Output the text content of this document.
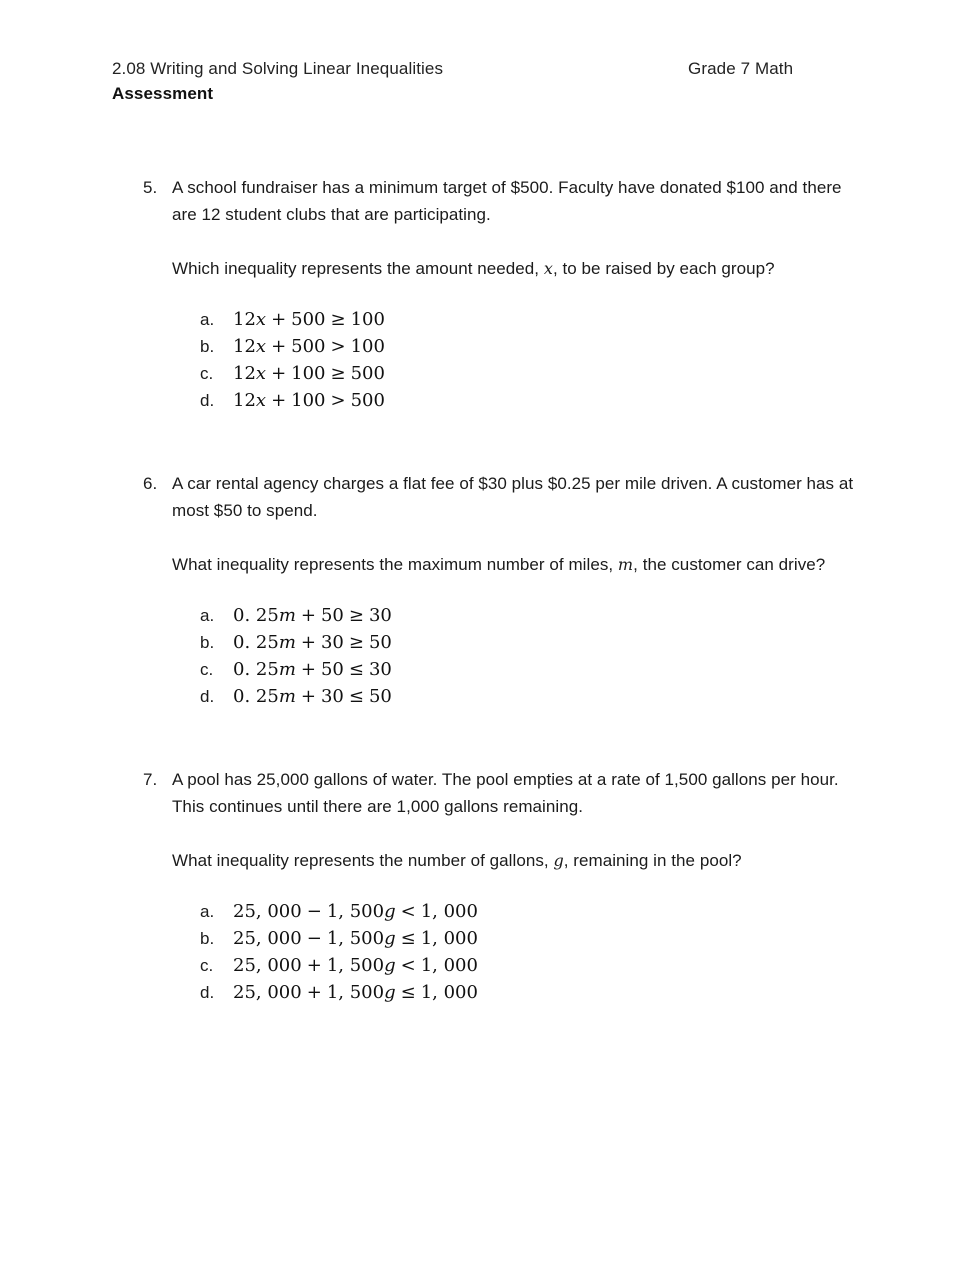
2.08 Writing and Solving Linear Inequalities	Grade 7 Math
Assessment
5. A school fundraiser has a minimum target of $500. Faculty have donated $100 and there are 12 student clubs that are participating.

Which inequality represents the amount needed, x, to be raised by each group?

a.	12x + 500 ≥ 100
b.	12x + 500 > 100
c.	12x + 100 ≥ 500
d.	12x + 100 > 500
6. A car rental agency charges a flat fee of $30 plus $0.25 per mile driven. A customer has at most $50 to spend.

What inequality represents the maximum number of miles, m, the customer can drive?

a.	0. 25m + 50 ≥ 30
b.	0. 25m + 30 ≥ 50
c.	0. 25m + 50 ≤ 30
d.	0. 25m + 30 ≤ 50
7. A pool has 25,000 gallons of water. The pool empties at a rate of 1,500 gallons per hour. This continues until there are 1,000 gallons remaining.

What inequality represents the number of gallons, g, remaining in the pool?

a.	25, 000 − 1, 500g < 1, 000
b.	25, 000 − 1, 500g ≤ 1, 000
c.	25, 000 + 1, 500g < 1, 000
d.	25, 000 + 1, 500g ≤ 1, 000
